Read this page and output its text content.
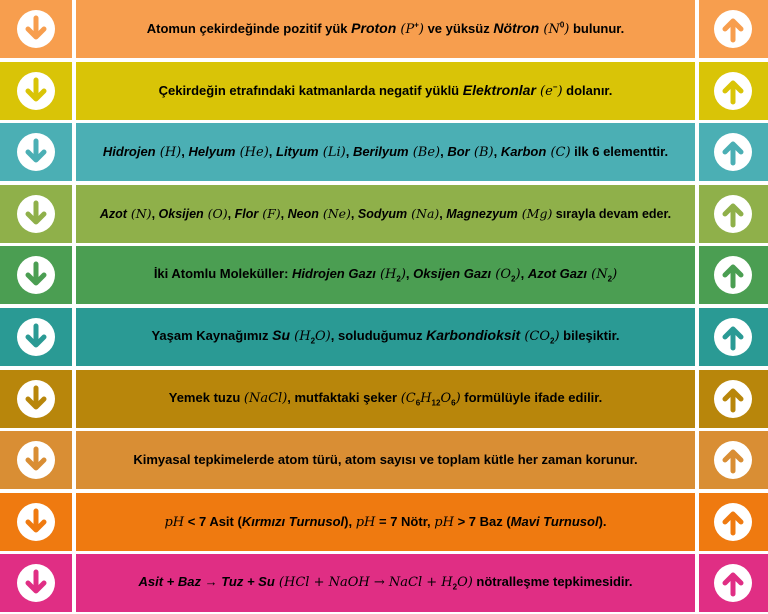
Atomun çekirdeğinde pozitif yük Proton (P+) ve yüksüz Nötron $(N^0)$ bulunur.
Çekirdeğin etrafındaki katmanlarda negatif yüklü Elektronlar (e−) dolanır.
Hidrojen (H), Helyum (He), Lityum (Li), Berilyum (Be), Bor (B), Karbon (C) ilk 6 elementtir.
Azot (N), Oksijen (O), Flor (F), Neon (Ne), Sodyum (Na), Magnezyum (Mg) sırayla devam eder.
İki Atomlu Moleküller: Hidrojen Gazı $(H_2)$, Oksijen Gazı $(O_2)$, Azot Gazı $(N_2)$
Yaşam Kaynağımız Su $(H_2O)$, soluduğumuz Karbondioksit $(CO_2)$ bileşiktir.
Yemek tuzu (NaCl), mutfaktaki şeker $(C_6H_{12}O_6)$ formülüyle ifade edilir.
Kimyasal tepkimelerde atom türü, atom sayısı ve toplam kütle her zaman korunur.
pH < 7 Asit (Kırmızı Turnusol), pH = 7 Nötr, pH > 7 Baz (Mavi Turnusol).
Asit + Baz → Tuz + Su (HCl + NaOH → NaCl + $H_2O$) nötralleşme tepkimesidir.
